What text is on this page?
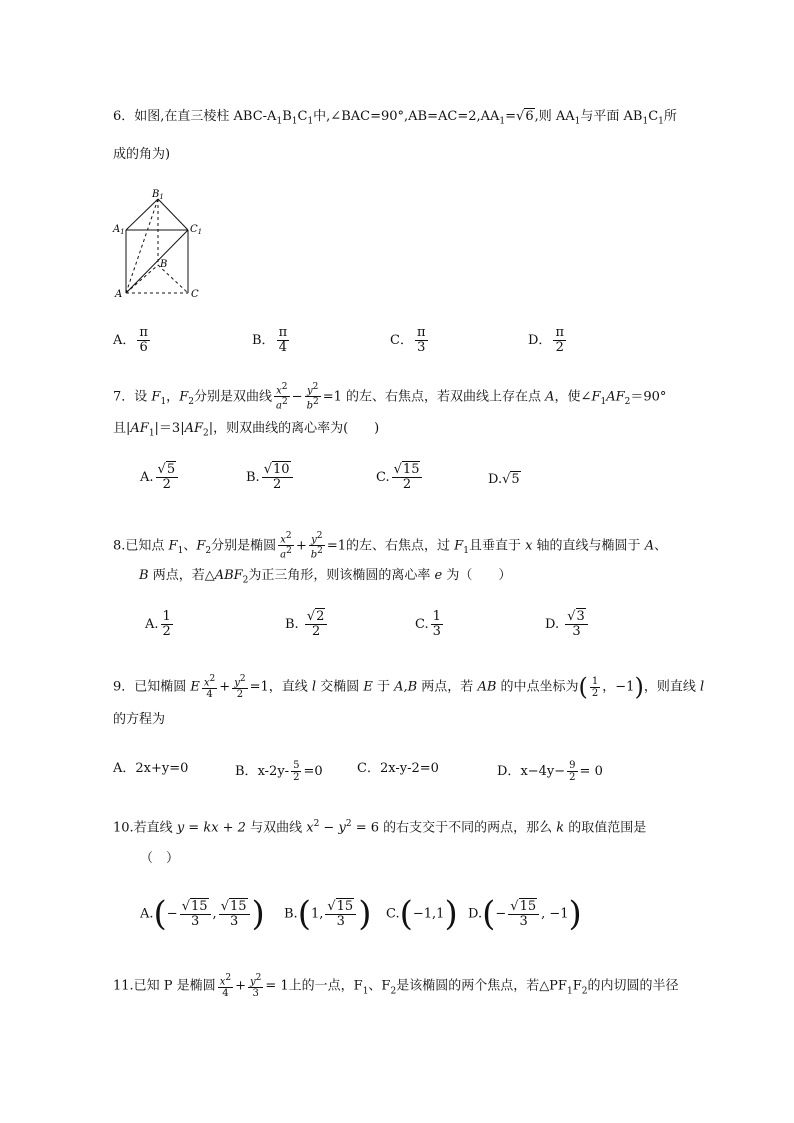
6．如图,在直三棱柱 ABC-$A_1B_1C_1$中$,\angle BAC=90^\circ,AB=AC=2,AA_1=√6$,则 $AA_1$与平面 $AB_1C_1$所
成的角为)
$B_1$
$A_1$	$C_1$
B
A	C
A． $\frac{\pi}{6}$	B． $\frac{\pi}{4}$	C． $\frac{\pi}{3}$	D． $\frac{\pi}{2}$
7．设 $F_1$，$F_2$分别是双曲线 $\frac{x^2}{a^2} - \frac{y^2}{b^2} =1$ 的左、右焦点，若双曲线上存在点 A，使$\angle F_1AF_2=90^\circ$
且$|AF_1|=3|AF_2|$，则双曲线的离心率为(　　)
A. $\frac{√5}{2}$	B. $\frac{√10}{2}$	C. $\frac{√15}{2}$	D.√5
8.已知点 $F_1$、$F_2$分别是椭圆 $\frac{x^2}{a^2} + \frac{y^2}{b^2} =1$的左、右焦点，过 $F_1$且垂直于 x 轴的直线与椭圆于 A、
B 两点，若$\triangle ABF_2$为正三角形，则该椭圆的离心率 e 为（　　）
A. $\frac{1}{2}$	B. $\frac{√2}{2}$	C. $\frac{1}{3}$	D. $\frac{√3}{3}$
9．已知椭圆 E $\frac{x^2}{4} + \frac{y^2}{2} =1$，直线 l 交椭圆 E 于 A,B 两点，若 AB 的中点坐标为( $\frac{1}{2}$ ，−1)，则直线 l
的方程为
A．2x+y=0	B．$x-2y- \frac{5}{2} =0$	C．2x-y-2=0	D．$x-4y- \frac{9}{2} = 0$
10.若直线 y = kx + 2 与双曲线 $x^2 - y^2 = 6$ 的右支交于不同的两点，那么 k 的取值范围是
（　）
$A.(- \frac{√15}{3}$ , $\frac{√15}{3}$ ) B.(1, $\frac{√15}{3}$ ) C.(−1,1) $D.(- \frac{√15}{3}$ , −1)
11.已知 P 是椭圆 $\frac{x^2}{4} + \frac{y^2}{3} = 1$上的一点，$F_1$、$F_2$是该椭圆的两个焦点，若$\triangle PF_1F_2$的内切圆的半径
